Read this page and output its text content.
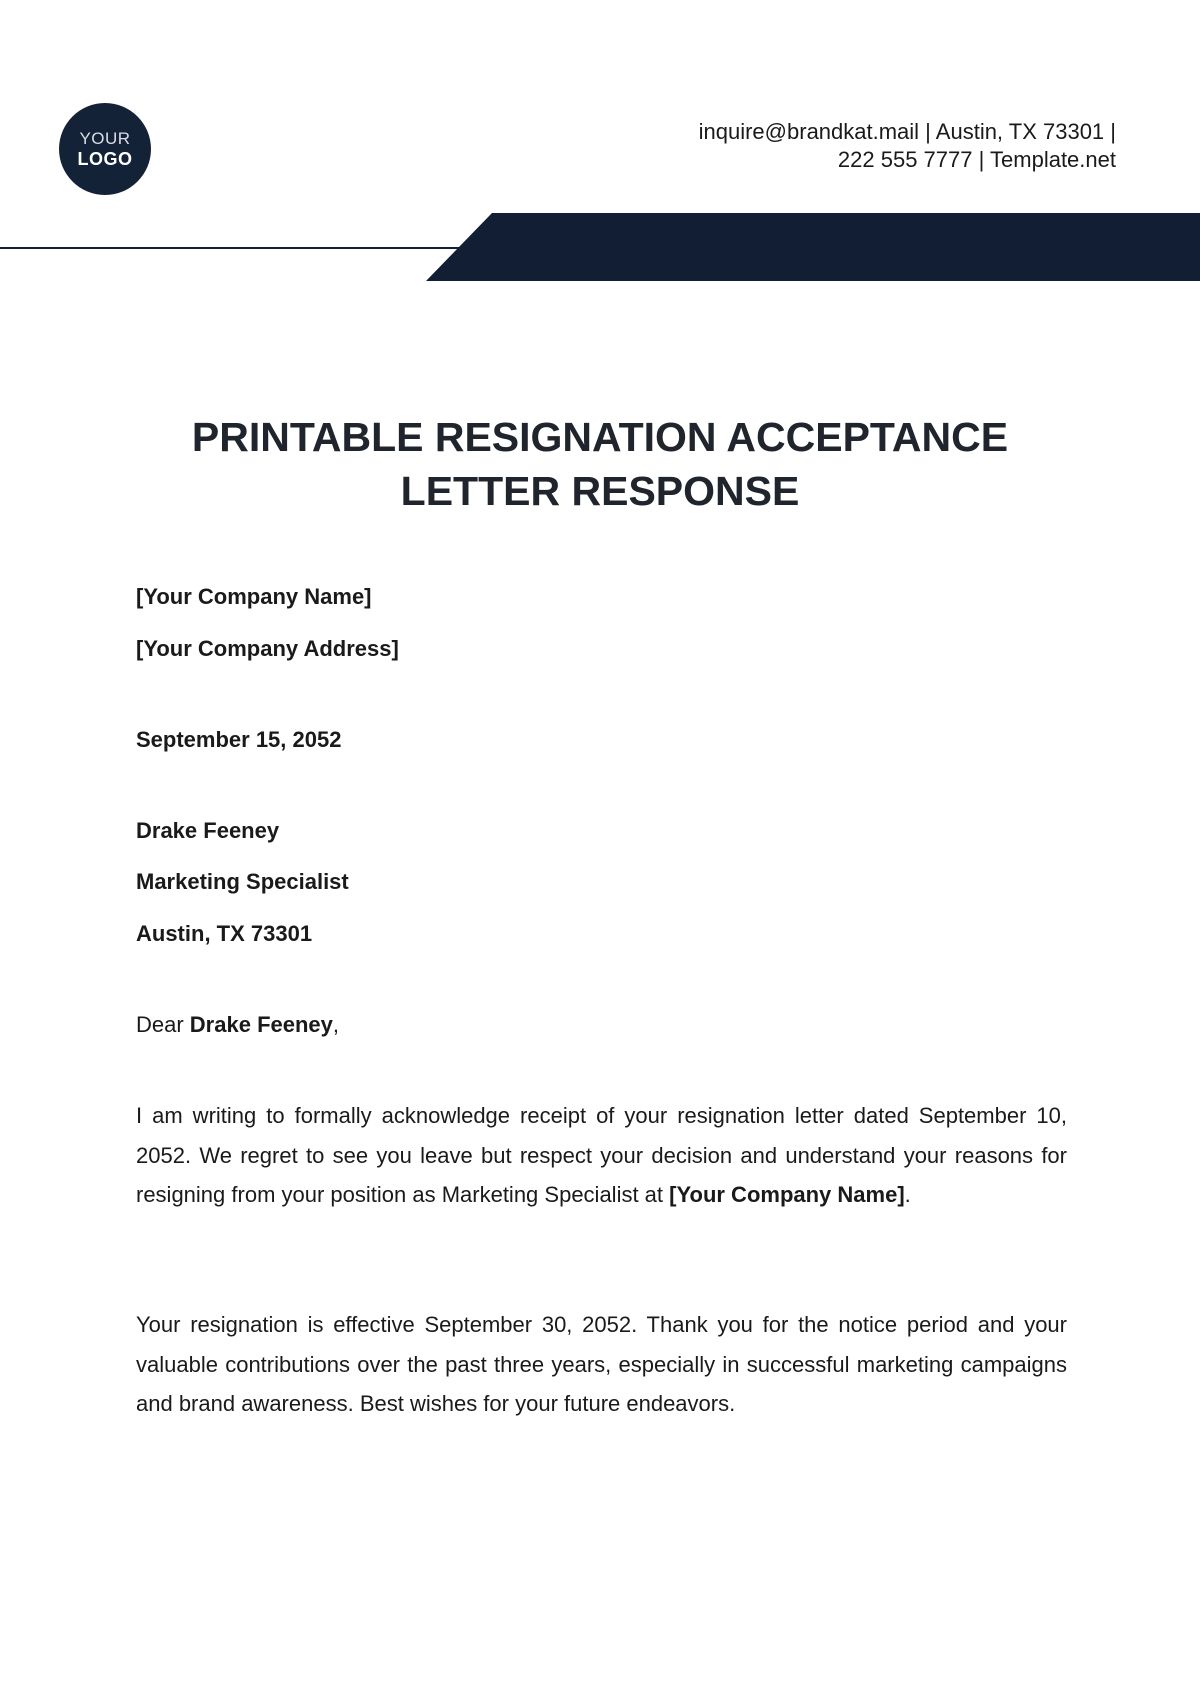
YOUR
LOGO
inquire@brandkat.mail | Austin, TX 73301 |
222 555 7777 | Template.net
PRINTABLE RESIGNATION ACCEPTANCE
LETTER RESPONSE

[Your Company Name]

[Your Company Address]

September 15, 2052

Drake Feeney

Marketing Specialist

Austin, TX 73301

Dear Drake Feeney,

I am writing to formally acknowledge receipt of your resignation letter dated September 10, 2052. We regret to see you leave but respect your decision and understand your reasons for resigning from your position as Marketing Specialist at [Your Company Name].

Your resignation is effective September 30, 2052. Thank you for the notice period and your valuable contributions over the past three years, especially in successful marketing campaigns and brand awareness. Best wishes for your future endeavors.
